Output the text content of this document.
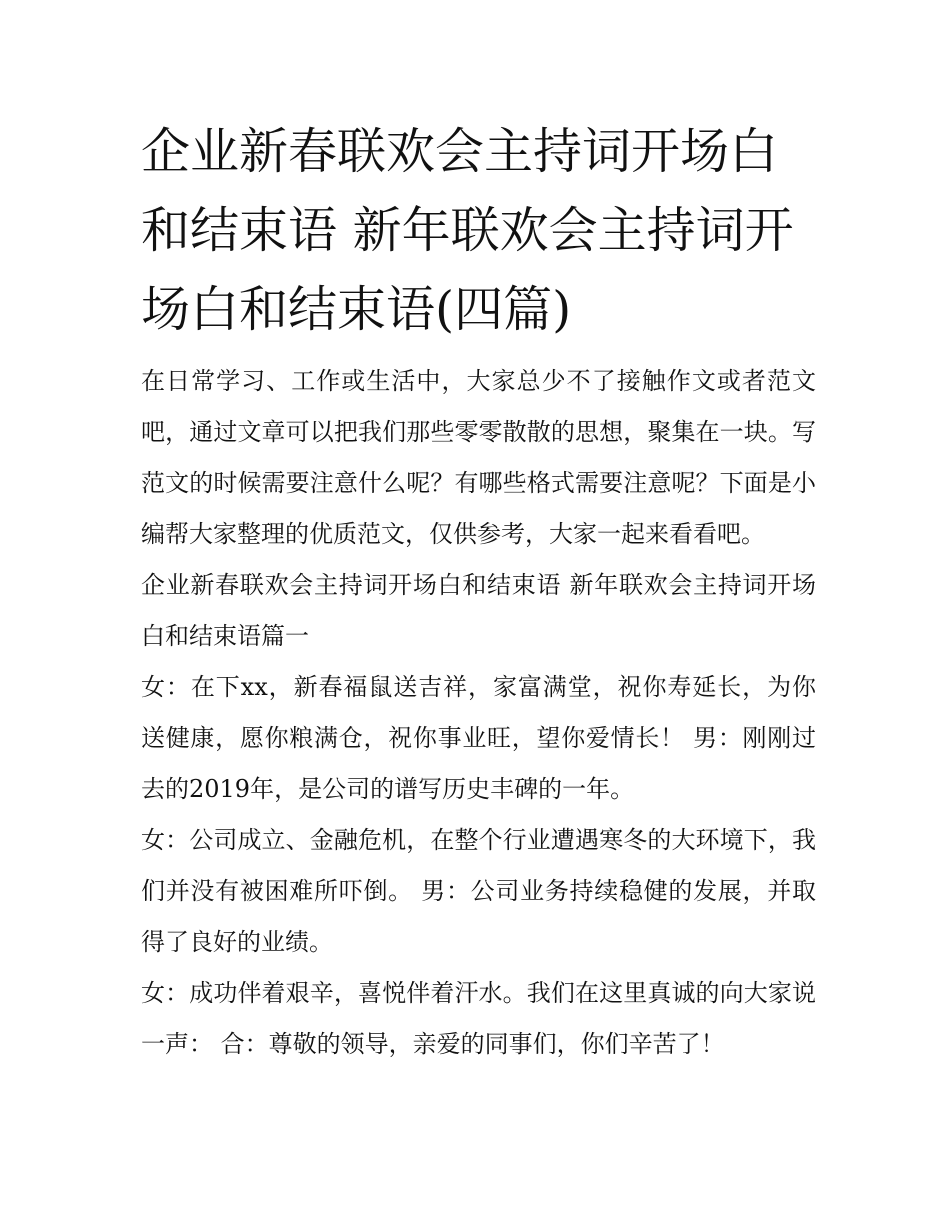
企业新春联欢会主持词开场白和结束语 新年联欢会主持词开场白和结束语(四篇)

在日常学习、工作或生活中，大家总少不了接触作文或者范文吧，通过文章可以把我们那些零零散散的思想，聚集在一块。写范文的时候需要注意什么呢？有哪些格式需要注意呢？下面是小编帮大家整理的优质范文，仅供参考，大家一起来看看吧。

企业新春联欢会主持词开场白和结束语 新年联欢会主持词开场白和结束语篇一

女：在下xx，新春福鼠送吉祥，家富满堂，祝你寿延长，为你送健康，愿你粮满仓，祝你事业旺，望你爱情长！ 男：刚刚过去的2019年，是公司的谱写历史丰碑的一年。

女：公司成立、金融危机，在整个行业遭遇寒冬的大环境下，我们并没有被困难所吓倒。 男：公司业务持续稳健的发展，并取得了良好的业绩。

女：成功伴着艰辛，喜悦伴着汗水。我们在这里真诚的向大家说一声： 合：尊敬的领导，亲爱的同事们，你们辛苦了！
